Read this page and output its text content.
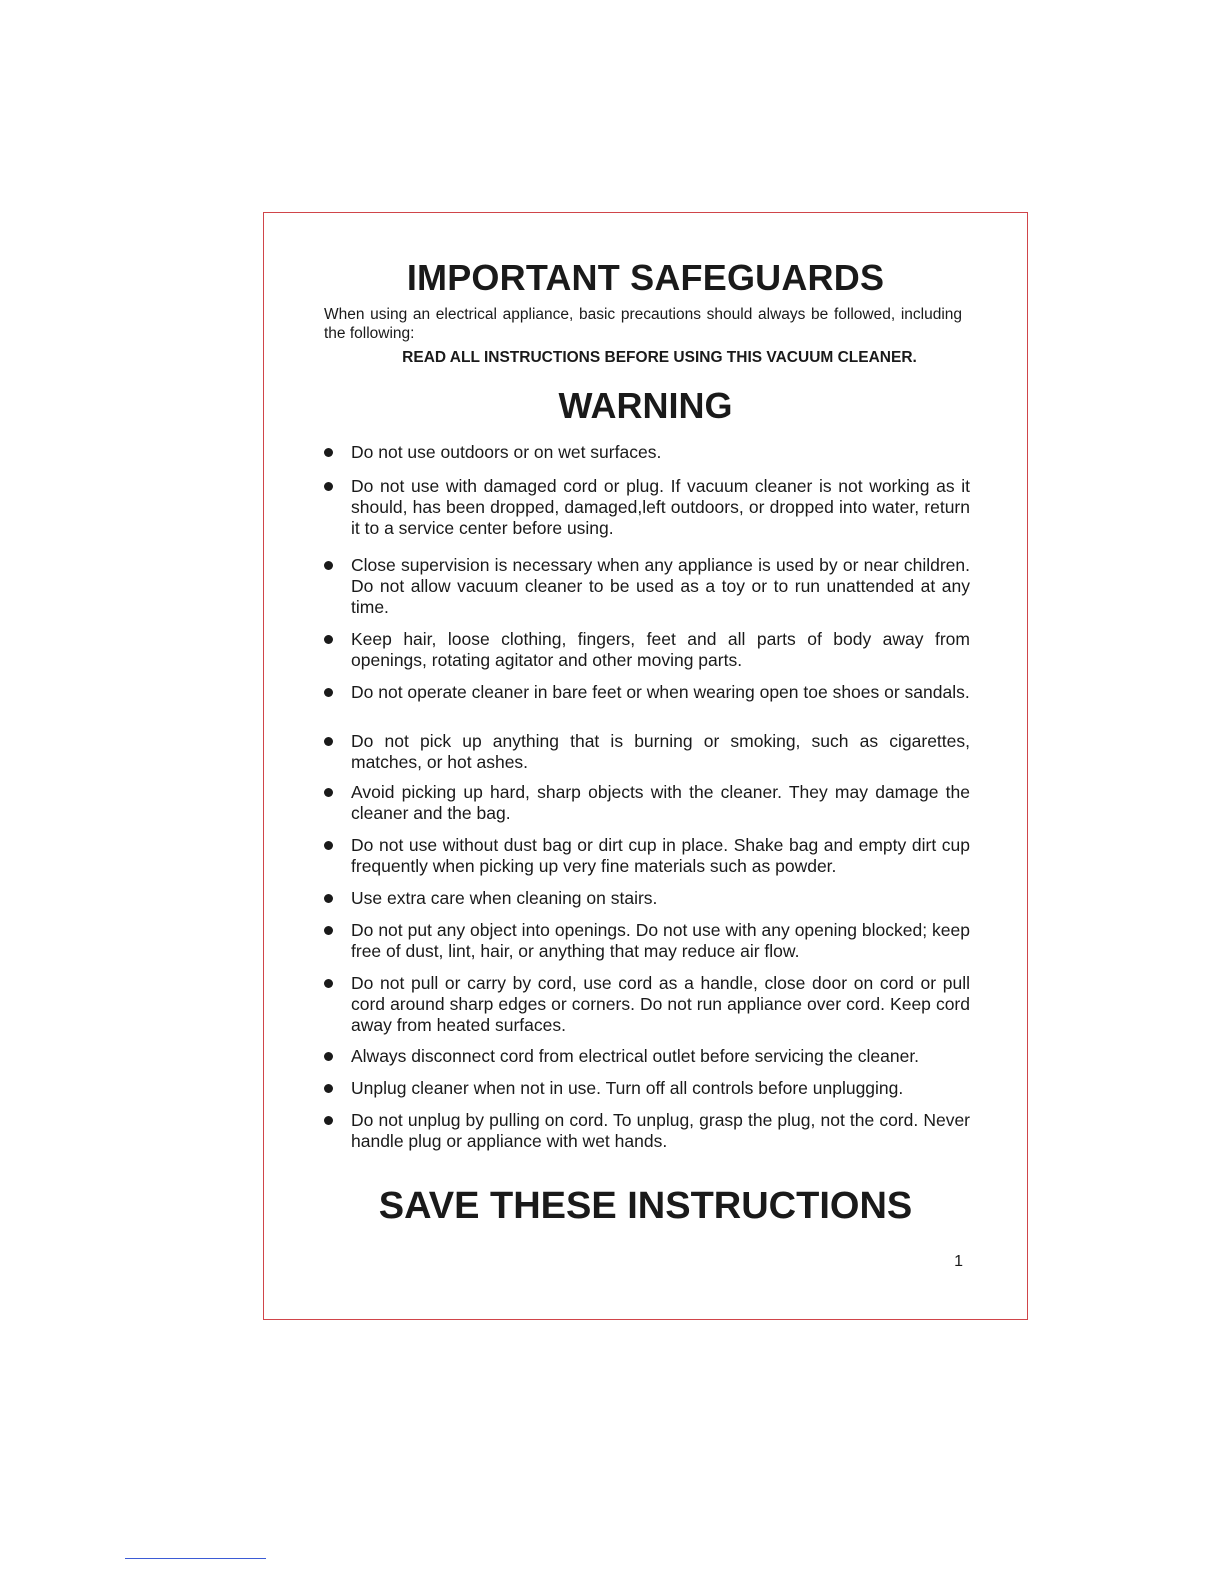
IMPORTANT SAFEGUARDS

When using an electrical appliance, basic precautions should always be followed, including the following:

READ ALL INSTRUCTIONS BEFORE USING THIS VACUUM CLEANER.

WARNING
Do not use outdoors or on wet surfaces.
Do not use with damaged cord or plug. If vacuum cleaner is not working as it should, has been dropped, damaged,left outdoors, or dropped into water, return it to a service center before using.
Close supervision is necessary when any appliance is used by or near children. Do not allow vacuum cleaner to be used as a toy or to run unattended at any time.
Keep hair, loose clothing, fingers, feet and all parts of body away from openings, rotating agitator and other moving parts.
Do not operate cleaner in bare feet or when wearing open toe shoes or sandals.
Do not pick up anything that is burning or smoking, such as cigarettes, matches, or hot ashes.
Avoid picking up hard, sharp objects with the cleaner. They may damage the cleaner and the bag.
Do not use without dust bag or dirt cup in place. Shake bag and empty dirt cup frequently when picking up very fine materials such as powder.
Use extra care when cleaning on stairs.
Do not put any object into openings. Do not use with any opening blocked; keep free of dust, lint, hair, or anything that may reduce air flow.
Do not pull or carry by cord, use cord as a handle, close door on cord or pull cord around sharp edges or corners. Do not run appliance over cord. Keep cord away from heated surfaces.
Always disconnect cord from electrical outlet before servicing the cleaner.
Unplug cleaner when not in use. Turn off all controls before unplugging.
Do not unplug by pulling on cord. To unplug, grasp the plug, not the cord. Never handle plug or appliance with wet hands.
SAVE THESE INSTRUCTIONS

1
